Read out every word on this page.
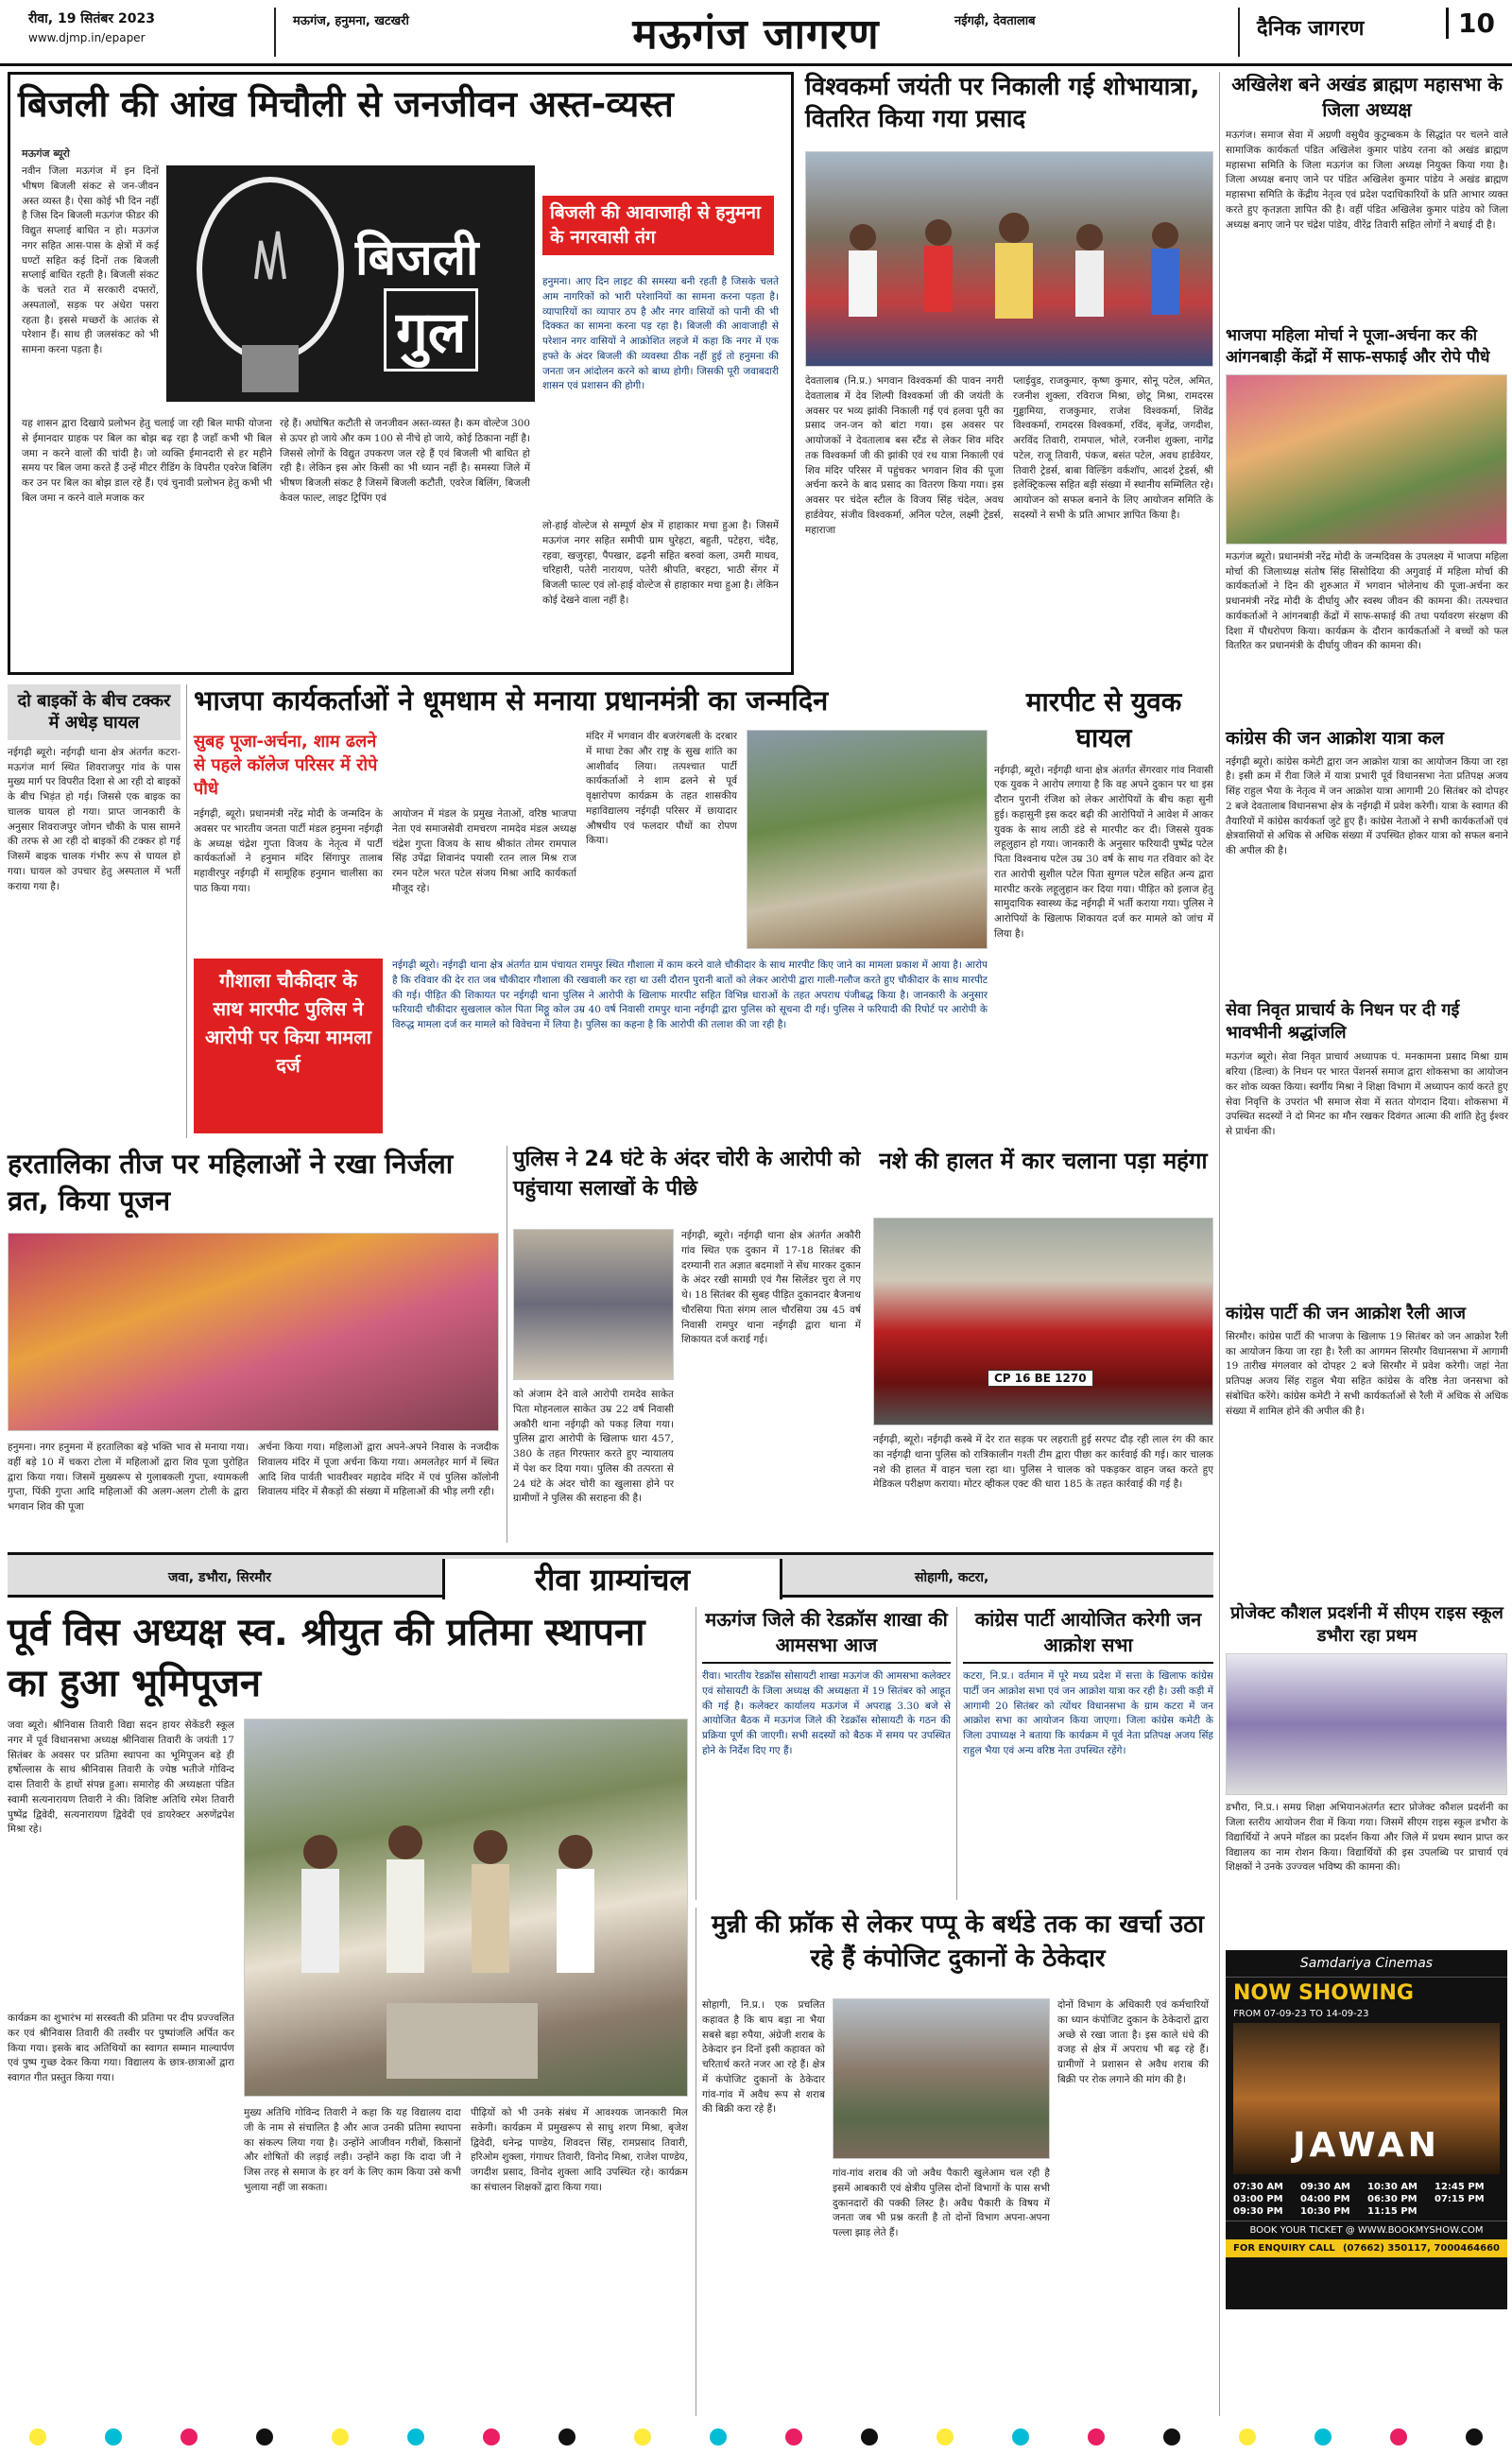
रीवा, 19 सितंबर 2023
www.djmp.in/epaper
मऊगंज, हनुमना, खटखरी	मऊगंज जागरण	नईगढ़ी, देवतालाब	दैनिक जागरण	10
बिजली की आंख मिचौली से जनजीवन अस्त-व्यस्त
मऊगंज ब्यूरो
नवीन जिला मऊगंज में इन दिनों भीषण बिजली संकट से जन-जीवन अस्त व्यस्त है। ऐसा कोई भी दिन नहीं है जिस दिन बिजली मऊगंज फीडर की विद्युत सप्लाई बाधित न हो। मऊगंज नगर सहित आस-पास के क्षेत्रों में कई घण्टों सहित कई दिनों तक बिजली सप्लाई बाधित रहती है। बिजली संकट के चलते रात में सरकारी दफ्तरों, अस्पतालों, सड़क पर अंधेरा पसरा रहता है। इससे मच्छरों के आतंक से परेशान हैं। साथ ही जलसंकट को भी सामना करना पड़ता है।
बिजली
गुल
बिजली की आवाजाही से हनुमना के नगरवासी तंग
हनुमना। आए दिन लाइट की समस्या बनी रहती है जिसके चलते आम नागरिकों को भारी परेशानियों का सामना करना पड़ता है। व्यापारियों का व्यापार ठप है और नगर वासियों को पानी की भी दिक्कत का सामना करना पड़ रहा है। बिजली की आवाजाही से परेशान नगर वासियों ने आक्रोशित लहजे में कहा कि नगर में एक हफ्ते के अंदर बिजली की व्यवस्था ठीक नहीं हुई तो हनुमना की जनता जन आंदोलन करने को बाध्य होगी। जिसकी पूरी जवाबदारी शासन एवं प्रशासन की होगी।
यह शासन द्वारा दिखाये प्रलोभन हेतु चलाई जा रही बिल माफी योजना से ईमानदार ग्राहक पर बिल का बोझ बढ़ रहा है जहाँ कभी भी बिल जमा न करने वालों की चांदी है। जो व्यक्ति ईमानदारी से हर महीने समय पर बिल जमा करते हैं उन्हें मीटर रीडिंग के विपरीत एवरेज बिलिंग कर उन पर बिल का बोझ डाल रहे हैं। एवं चुनावी प्रलोभन हेतु कभी भी बिल जमा न करने वाले मजाक कर
रहे हैं। अघोषित कटौती से जनजीवन अस्त-व्यस्त है। कम वोल्टेज 300 से ऊपर हो जाये और कम 100 से नीचे हो जाये, कोई ठिकाना नहीं है। जिससे लोगों के विद्युत उपकरण जल रहे हैं एवं बिजली भी बाधित हो रही है। लेकिन इस ओर किसी का भी ध्यान नहीं है। समस्या जिले में भीषण बिजली संकट है जिसमें बिजली कटौती, एवरेज बिलिंग, बिजली केवल फाल्ट, लाइट ट्रिपिंग एवं
लो-हाई वोल्टेज से सम्पूर्ण क्षेत्र में हाहाकार मचा हुआ है। जिसमें मऊगंज नगर सहित समीपी ग्राम घुरेहटा, बहुती, पटेहरा, चंदैह, रहवा, खजुरहा, पैपखार, ढढ़नी सहित बरुवां कला, उमरी माधव, चरिहारी, पतेरी नारायण, पतेरी श्रीपति, बरहटा, भाठी सेंगर में बिजली फाल्ट एवं लो-हाई वोल्टेज से हाहाकार मचा हुआ है। लेकिन कोई देखने वाला नहीं है।
विश्वकर्मा जयंती पर निकाली गई शोभायात्रा, वितरित किया गया प्रसाद
देवतालाब (नि.प्र.) भगवान विश्वकर्मा की पावन नगरी देवतालाब में देव शिल्पी विश्वकर्मा जी की जयंती के अवसर पर भव्य झांकी निकाली गई एवं हलवा पूरी का प्रसाद जन-जन को बांटा गया। इस अवसर पर आयोजकों ने देवतालाब बस स्टैंड से लेकर शिव मंदिर तक विश्वकर्मा जी की झांकी एवं रथ यात्रा निकाली एवं शिव मंदिर परिसर में पहुंचकर भगवान शिव की पूजा अर्चना करने के बाद प्रसाद का वितरण किया गया। इस अवसर पर चंदेल स्टील के विजय सिंह चंदेल, अवध हार्डवेयर, संजीव विश्वकर्मा, अनिल पटेल, लक्ष्मी ट्रेडर्स, महाराजा
प्लाईवुड, राजकुमार, कृष्ण कुमार, सोनू पटेल, अमित, रजनीश शुक्ला, रविराज मिश्रा, छोटू मिश्रा, रामदरस गुड्डामिया, राजकुमार, राजेश विश्वकर्मा, शिवेंद्र विश्वकर्मा, रामदरस विश्वकर्मा, रविंद, बृजेंद्र, जगदीश, अरविंद तिवारी, रामपाल, भोले, रजनीश शुक्ला, नागेंद्र पटेल, राजू तिवारी, पंकज, बसंत पटेल, अवध हार्डवेयर, तिवारी ट्रेडर्स, बाबा विल्डिंग वर्कशॉप, आदर्श ट्रेडर्स, श्री इलेक्ट्रिकल्स सहित बड़ी संख्या में स्थानीय सम्मिलित रहे। आयोजन को सफल बनाने के लिए आयोजन समिति के सदस्यों ने सभी के प्रति आभार ज्ञापित किया है।
अखिलेश बने अखंड ब्राह्मण महासभा के जिला अध्यक्ष
मऊगंज। समाज सेवा में अग्रणी वसुधैव कुटुम्बकम के सिद्धांत पर चलने वाले सामाजिक कार्यकर्ता पंडित अखिलेश कुमार पांडेय रतना को अखंड ब्राह्मण महासभा समिति के जिला मऊगंज का जिला अध्यक्ष नियुक्त किया गया है। जिला अध्यक्ष बनाए जाने पर पंडित अखिलेश कुमार पांडेय ने अखंड ब्राह्मण महासभा समिति के केंद्रीय नेतृत्व एवं प्रदेश पदाधिकारियों के प्रति आभार व्यक्त करते हुए कृतज्ञता ज्ञापित की है। वहीं पंडित अखिलेश कुमार पांडेय को जिला अध्यक्ष बनाए जाने पर चंद्रेश पांडेय, वीरेंद्र तिवारी सहित लोगों ने बधाई दी है।
भाजपा महिला मोर्चा ने पूजा-अर्चना कर की आंगनबाड़ी केंद्रों में साफ-सफाई और रोपे पौधे
मऊगंज ब्यूरो। प्रधानमंत्री नरेंद्र मोदी के जन्मदिवस के उपलक्ष्य में भाजपा महिला मोर्चा की जिलाध्यक्ष संतोष सिंह सिसोदिया की अगुवाई में महिला मोर्चा की कार्यकर्ताओं ने दिन की शुरुआत में भगवान भोलेनाथ की पूजा-अर्चना कर प्रधानमंत्री नरेंद्र मोदी के दीर्घायु और स्वस्थ जीवन की कामना की। तत्पश्चात कार्यकर्ताओं ने आंगनबाड़ी केंद्रों में साफ-सफाई की तथा पर्यावरण संरक्षण की दिशा में पौधरोपण किया। कार्यक्रम के दौरान कार्यकर्ताओं ने बच्चों को फल वितरित कर प्रधानमंत्री के दीर्घायु जीवन की कामना की।
कांग्रेस की जन आक्रोश यात्रा कल
नईगढ़ी ब्यूरो। कांग्रेस कमेटी द्वारा जन आक्रोश यात्रा का आयोजन किया जा रहा है। इसी क्रम में रीवा जिले में यात्रा प्रभारी पूर्व विधानसभा नेता प्रतिपक्ष अजय सिंह राहुल भैया के नेतृत्व में जन आक्रोश यात्रा आगामी 20 सितंबर को दोपहर 2 बजे देवतालाब विधानसभा क्षेत्र के नईगढ़ी में प्रवेश करेगी। यात्रा के स्वागत की तैयारियों में कांग्रेस कार्यकर्ता जुटे हुए हैं। कांग्रेस नेताओं ने सभी कार्यकर्ताओं एवं क्षेत्रवासियों से अधिक से अधिक संख्या में उपस्थित होकर यात्रा को सफल बनाने की अपील की है।
सेवा निवृत प्राचार्य के निधन पर दी गई भावभीनी श्रद्धांजलि
मऊगंज ब्यूरो। सेवा निवृत प्राचार्य अध्यापक पं. मनकामना प्रसाद मिश्रा ग्राम बरिया (डिल्वा) के निधन पर भारत पेंशनर्स समाज द्वारा शोकसभा का आयोजन कर शोक व्यक्त किया। स्वर्गीय मिश्रा ने शिक्षा विभाग में अध्यापन कार्य करते हुए सेवा निवृत्ति के उपरांत भी समाज सेवा में सतत योगदान दिया। शोकसभा में उपस्थित सदस्यों ने दो मिनट का मौन रखकर दिवंगत आत्मा की शांति हेतु ईश्वर से प्रार्थना की।
कांग्रेस पार्टी की जन आक्रोश रैली आज
सिरमौर। कांग्रेस पार्टी की भाजपा के खिलाफ 19 सितंबर को जन आक्रोश रैली का आयोजन किया जा रहा है। रैली का आगमन सिरमौर विधानसभा में आगामी 19 तारीख मंगलवार को दोपहर 2 बजे सिरमौर में प्रवेश करेगी। जहां नेता प्रतिपक्ष अजय सिंह राहुल भैया सहित कांग्रेस के वरिष्ठ नेता जनसभा को संबोधित करेंगे। कांग्रेस कमेटी ने सभी कार्यकर्ताओं से रैली में अधिक से अधिक संख्या में शामिल होने की अपील की है।
प्रोजेक्ट कौशल प्रदर्शनी में सीएम राइस स्कूल डभौरा रहा प्रथम
डभौरा, नि.प्र.। समग्र शिक्षा अभियानअंतर्गत स्टार प्रोजेक्ट कौशल प्रदर्शनी का जिला स्तरीय आयोजन रीवा में किया गया। जिसमें सीएम राइस स्कूल डभौरा के विद्यार्थियों ने अपने मॉडल का प्रदर्शन किया और जिले में प्रथम स्थान प्राप्त कर विद्यालय का नाम रोशन किया। विद्यार्थियों की इस उपलब्धि पर प्राचार्य एवं शिक्षकों ने उनके उज्ज्वल भविष्य की कामना की।
Samdariya Cinemas
NOW SHOWING
FROM 07-09-23 TO 14-09-23
JAWAN
07:30 AM	09:30 AM	10:30 AM	12:45 PM
03:00 PM	04:00 PM	06:30 PM	07:15 PM
09:30 PM	10:30 PM	11:15 PM
BOOK YOUR TICKET @ WWW.BOOKMYSHOW.COM
FOR ENQUIRY CALL (07662) 350117, 7000464660
दो बाइकों के बीच टक्कर में अधेड़ घायल
नईगढ़ी ब्यूरो। नईगढ़ी थाना क्षेत्र अंतर्गत कटरा-मऊगंज मार्ग स्थित शिवराजपुर गांव के पास मुख्य मार्ग पर विपरीत दिशा से आ रही दो बाइकों के बीच भिड़ंत हो गई। जिससे एक बाइक का चालक घायल हो गया। प्राप्त जानकारी के अनुसार शिवराजपुर जोगन चौकी के पास सामने की तरफ से आ रही दो बाइकों की टक्कर हो गई जिसमें बाइक चालक गंभीर रूप से घायल हो गया। घायल को उपचार हेतु अस्पताल में भर्ती कराया गया है।
भाजपा कार्यकर्ताओं ने धूमधाम से मनाया प्रधानमंत्री का जन्मदिन
सुबह पूजा-अर्चना, शाम ढलने से पहले कॉलेज परिसर में रोपे पौधे
नईगढ़ी, ब्यूरो। प्रधानमंत्री नरेंद्र मोदी के जन्मदिन के अवसर पर भारतीय जनता पार्टी मंडल हनुमना नईगढ़ी के अध्यक्ष चंद्रेश गुप्ता विजय के नेतृत्व में पार्टी कार्यकर्ताओं ने हनुमान मंदिर सिंगापुर तालाब महावीरपुर नईगढ़ी में सामूहिक हनुमान चालीसा का पाठ किया गया।
आयोजन में मंडल के प्रमुख नेताओं, वरिष्ठ भाजपा नेता एवं समाजसेवी रामचरण नामदेव मंडल अध्यक्ष चंद्रेश गुप्ता विजय के साथ श्रीकांत तोमर रामपाल सिंह उपेंद्रा शिवानंद पयासी रतन लाल मिश्र राज रमन पटेल भरत पटेल संजय मिश्रा आदि कार्यकर्ता मौजूद रहे।
मंदिर में भगवान वीर बजरंगबली के दरबार में माथा टेका और राष्ट्र के सुख शांति का आशीर्वाद लिया। तत्पश्चात पार्टी कार्यकर्ताओं ने शाम ढलने से पूर्व वृक्षारोपण कार्यक्रम के तहत शासकीय महाविद्यालय नईगढ़ी परिसर में छायादार औषधीय एवं फलदार पौधों का रोपण किया।
गौशाला चौकीदार के साथ मारपीट पुलिस ने आरोपी पर किया मामला दर्ज
नईगढ़ी ब्यूरो। नईगढ़ी थाना क्षेत्र अंतर्गत ग्राम पंचायत रामपुर स्थित गौशाला में काम करने वाले चौकीदार के साथ मारपीट किए जाने का मामला प्रकाश में आया है। आरोप है कि रविवार की देर रात जब चौकीदार गौशाला की रखवाली कर रहा था उसी दौरान पुरानी बातों को लेकर आरोपी द्वारा गाली-गलौज करते हुए चौकीदार के साथ मारपीट की गई। पीड़ित की शिकायत पर नईगढ़ी थाना पुलिस ने आरोपी के खिलाफ मारपीट सहित विभिन्न धाराओं के तहत अपराध पंजीबद्ध किया है। जानकारी के अनुसार फरियादी चौकीदार सुखलाल कोल पिता मिठ्ठू कोल उम्र 40 वर्ष निवासी रामपुर थाना नईगढ़ी द्वारा पुलिस को सूचना दी गई। पुलिस ने फरियादी की रिपोर्ट पर आरोपी के विरुद्ध मामला दर्ज कर मामले को विवेचना में लिया है। पुलिस का कहना है कि आरोपी की तलाश की जा रही है।
मारपीट से युवक घायल
नईगढ़ी, ब्यूरो। नईगढ़ी थाना क्षेत्र अंतर्गत सेंगरवार गांव निवासी एक युवक ने आरोप लगाया है कि वह अपने दुकान पर था इस दौरान पुरानी रंजिश को लेकर आरोपियों के बीच कहा सुनी हुई। कहासुनी इस कदर बढ़ी की आरोपियों ने आवेश में आकर युवक के साथ लाठी डंडे से मारपीट कर दी। जिससे युवक लहूलुहान हो गया। जानकारी के अनुसार फरियादी पुष्पेंद्र पटेल पिता विश्वनाथ पटेल उम्र 30 वर्ष के साथ गत रविवार को देर रात आरोपी सुशील पटेल पिता सुग्गल पटेल सहित अन्य द्वारा मारपीट करके लहूलुहान कर दिया गया। पीड़ित को इलाज हेतु सामुदायिक स्वास्थ्य केंद्र नईगढ़ी में भर्ती कराया गया। पुलिस ने आरोपियों के खिलाफ शिकायत दर्ज कर मामले को जांच में लिया है।
हरतालिका तीज पर महिलाओं ने रखा निर्जला व्रत, किया पूजन
हनुमना। नगर हनुमना में हरतालिका बड़े भक्ति भाव से मनाया गया। वहीं बड़े 10 में चकरा टोला में महिलाओं द्वारा शिव पूजा पुरोहित द्वारा किया गया। जिसमें मुख्यरूप से गुलाबकली गुप्ता, श्यामकली गुप्ता, पिंकी गुप्ता आदि महिलाओं की अलग-अलग टोली के द्वारा भगवान शिव की पूजा
अर्चना किया गया। महिलाओं द्वारा अपने-अपने निवास के नजदीक शिवालय मंदिर में पूजा अर्चना किया गया। अमलतेहर मार्ग में स्थित आदि शिव पार्वती भावरीश्वर महादेव मंदिर में एवं पुलिस कॉलोनी शिवालय मंदिर में सैकड़ों की संख्या में महिलाओं की भीड़ लगी रही।
पुलिस ने 24 घंटे के अंदर चोरी के आरोपी को पहुंचाया सलाखों के पीछे
नईगढ़ी, ब्यूरो। नईगढ़ी थाना क्षेत्र अंतर्गत अकौरी गांव स्थित एक दुकान में 17-18 सितंबर की दरम्यानी रात अज्ञात बदमाशों ने सेंध मारकर दुकान के अंदर रखी सामग्री एवं गैस सिलेंडर चुरा ले गए थे। 18 सितंबर की सुबह पीड़ित दुकानदार बैजनाथ चौरसिया पिता संगम लाल चौरसिया उम्र 45 वर्ष निवासी रामपुर थाना नईगढ़ी द्वारा थाना में शिकायत दर्ज कराई गई।
को अंजाम देने वाले आरोपी रामदेव साकेत पिता मोहनलाल साकेत उम्र 22 वर्ष निवासी अकौरी थाना नईगढ़ी को पकड़ लिया गया। पुलिस द्वारा आरोपी के खिलाफ धारा 457, 380 के तहत गिरफ्तार करते हुए न्यायालय में पेश कर दिया गया। पुलिस की तत्परता से 24 घंटे के अंदर चोरी का खुलासा होने पर ग्रामीणों ने पुलिस की सराहना की है।
नशे की हालत में कार चलाना पड़ा महंगा
CP 16 BE 1270
नईगढ़ी, ब्यूरो। नईगढ़ी कस्बे में देर रात सड़क पर लहराती हुई सरपट दौड़ रही लाल रंग की कार का नईगढ़ी थाना पुलिस को रात्रिकालीन गश्ती टीम द्वारा पीछा कर कार्रवाई की गई। कार चालक नशे की हालत में वाहन चला रहा था। पुलिस ने चालक को पकड़कर वाहन जब्त करते हुए मेडिकल परीक्षण कराया। मोटर व्हीकल एक्ट की धारा 185 के तहत कार्रवाई की गई है।
जवा, डभौरा, सिरमौर	रीवा ग्राम्यांचल	सोहागी, कटरा,
पूर्व विस अध्यक्ष स्व. श्रीयुत की प्रतिमा स्थापना का हुआ भूमिपूजन
जवा ब्यूरो। श्रीनिवास तिवारी विद्या सदन हायर सेकेंडरी स्कूल नगर में पूर्व विधानसभा अध्यक्ष श्रीनिवास तिवारी के जयंती 17 सितंबर के अवसर पर प्रतिमा स्थापना का भूमिपूजन बड़े ही हर्षोल्लास के साथ श्रीनिवास तिवारी के ज्येष्ठ भतीजे गोविन्द दास तिवारी के हाथों संपन्न हुआ। समारोह की अध्यक्षता पंडित स्वामी सत्यनारायण तिवारी ने की। विशिष्ट अतिथि रमेश तिवारी पुष्पेंद्र द्विवेदी, सत्यनारायण द्विवेदी एवं डायरेक्टर अरुणेंद्रपेश मिश्रा रहे।
कार्यक्रम का शुभारंभ मां सरस्वती की प्रतिमा पर दीप प्रज्ज्वलित कर एवं श्रीनिवास तिवारी की तस्वीर पर पुष्पांजलि अर्पित कर किया गया। इसके बाद अतिथियों का स्वागत सम्मान माल्यार्पण एवं पुष्प गुच्छ देकर किया गया। विद्यालय के छात्र-छात्राओं द्वारा स्वागत गीत प्रस्तुत किया गया।
मुख्य अतिथि गोविन्द तिवारी ने कहा कि यह विद्यालय दादा जी के नाम से संचालित है और आज उनकी प्रतिमा स्थापना का संकल्प लिया गया है। उन्होंने आजीवन गरीबों, किसानों और शोषितों की लड़ाई लड़ी। उन्होंने कहा कि दादा जी ने जिस तरह से समाज के हर वर्ग के लिए काम किया उसे कभी भुलाया नहीं जा सकता।
पीढ़ियों को भी उनके संबंध में आवश्यक जानकारी मिल सकेगी। कार्यक्रम में प्रमुखरूप से साधु शरण मिश्रा, बृजेश द्विवेदी, धनेन्द्र पाण्डेय, शिवदत्त सिंह, रामप्रसाद तिवारी, हरिओम शुक्ला, गंगाधर तिवारी, विनोद मिश्रा, राजेश पाण्डेय, जगदीश प्रसाद, विनोद शुक्ला आदि उपस्थित रहे। कार्यक्रम का संचालन शिक्षकों द्वारा किया गया।
मऊगंज जिले की रेडक्रॉस शाखा की आमसभा आज
रीवा। भारतीय रेडक्रॉस सोसायटी शाखा मऊगंज की आमसभा कलेक्टर एवं सोसायटी के जिला अध्यक्ष की अध्यक्षता में 19 सितंबर को आहूत की गई है। कलेक्टर कार्यालय मऊगंज में अपराह्न 3.30 बजे से आयोजित बैठक में मऊगंज जिले की रेडक्रॉस सोसायटी के गठन की प्रक्रिया पूर्ण की जाएगी। सभी सदस्यों को बैठक में समय पर उपस्थित होने के निर्देश दिए गए हैं।
कांग्रेस पार्टी आयोजित करेगी जन आक्रोश सभा
कटरा, नि.प्र.। वर्तमान में पूरे मध्य प्रदेश में सत्ता के खिलाफ कांग्रेस पार्टी जन आक्रोश सभा एवं जन आक्रोश यात्रा कर रही है। उसी कड़ी में आगामी 20 सितंबर को त्योंथर विधानसभा के ग्राम कटरा में जन आक्रोश सभा का आयोजन किया जाएगा। जिला कांग्रेस कमेटी के जिला उपाध्यक्ष ने बताया कि कार्यक्रम में पूर्व नेता प्रतिपक्ष अजय सिंह राहुल भैया एवं अन्य वरिष्ठ नेता उपस्थित रहेंगे।
मुन्नी की फ्रॉक से लेकर पप्पू के बर्थडे तक का खर्चा उठा रहे हैं कंपोजिट दुकानों के ठेकेदार
सोहागी, नि.प्र.। एक प्रचलित कहावत है कि बाप बड़ा ना भैया सबसे बड़ा रुपैया, अंग्रेजी शराब के ठेकेदार इन दिनों इसी कहावत को चरितार्थ करते नजर आ रहे हैं। क्षेत्र में कंपोजिट दुकानों के ठेकेदार गांव-गांव में अवैध रूप से शराब की बिक्री करा रहे हैं।
गांव-गांव शराब की जो अवैध पैकारी खुलेआम चल रही है इसमें आबकारी एवं क्षेत्रीय पुलिस दोनों विभागों के पास सभी दुकानदारों की पक्की लिस्ट है। अवैध पैकारी के विषय में जनता जब भी प्रश्न करती है तो दोनों विभाग अपना-अपना पल्ला झाड़ लेते हैं।
दोनों विभाग के अधिकारी एवं कर्मचारियों का ध्यान कंपोजिट दुकान के ठेकेदारों द्वारा अच्छे से रखा जाता है। इस काले धंधे की वजह से क्षेत्र में अपराध भी बढ़ रहे हैं। ग्रामीणों ने प्रशासन से अवैध शराब की बिक्री पर रोक लगाने की मांग की है।
